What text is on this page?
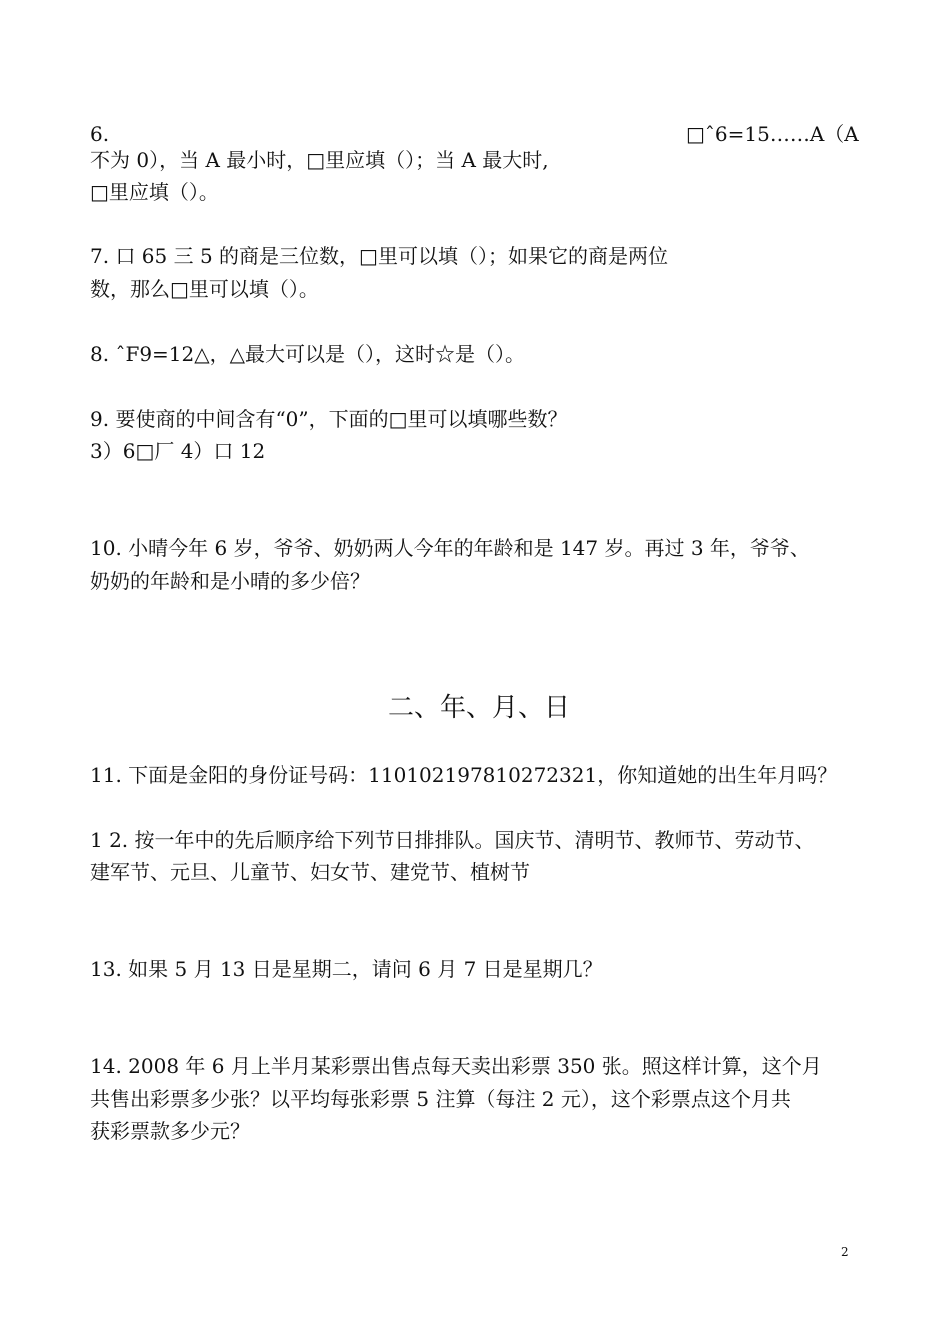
6.	□ˆ6=15……A（A
不为 0），当 A 最小时，□里应填（）；当 A 最大时,
□里应填（）。
7. 口 65 三 5 的商是三位数，□里可以填（）；如果它的商是两位
数，那么□里可以填（）。
8. ˆF9=12△，△最大可以是（），这时☆是（）。
9. 要使商的中间含有“0”，下面的□里可以填哪些数？
3）6□厂 4）口 12
10. 小晴今年 6 岁，爷爷、奶奶两人今年的年龄和是 147 岁。再过 3 年，爷爷、
奶奶的年龄和是小晴的多少倍？
二、年、月、日
11. 下面是金阳的身份证号码：110102197810272321，你知道她的出生年月吗？
1 2. 按一年中的先后顺序给下列节日排排队。国庆节、清明节、教师节、劳动节、
建军节、元旦、儿童节、妇女节、建党节、植树节
13. 如果 5 月 13 日是星期二，请问 6 月 7 日是星期几？
14. 2008 年 6 月上半月某彩票出售点每天卖出彩票 350 张。照这样计算，这个月
共售出彩票多少张？以平均每张彩票 5 注算（每注 2 元），这个彩票点这个月共
获彩票款多少元？
2
